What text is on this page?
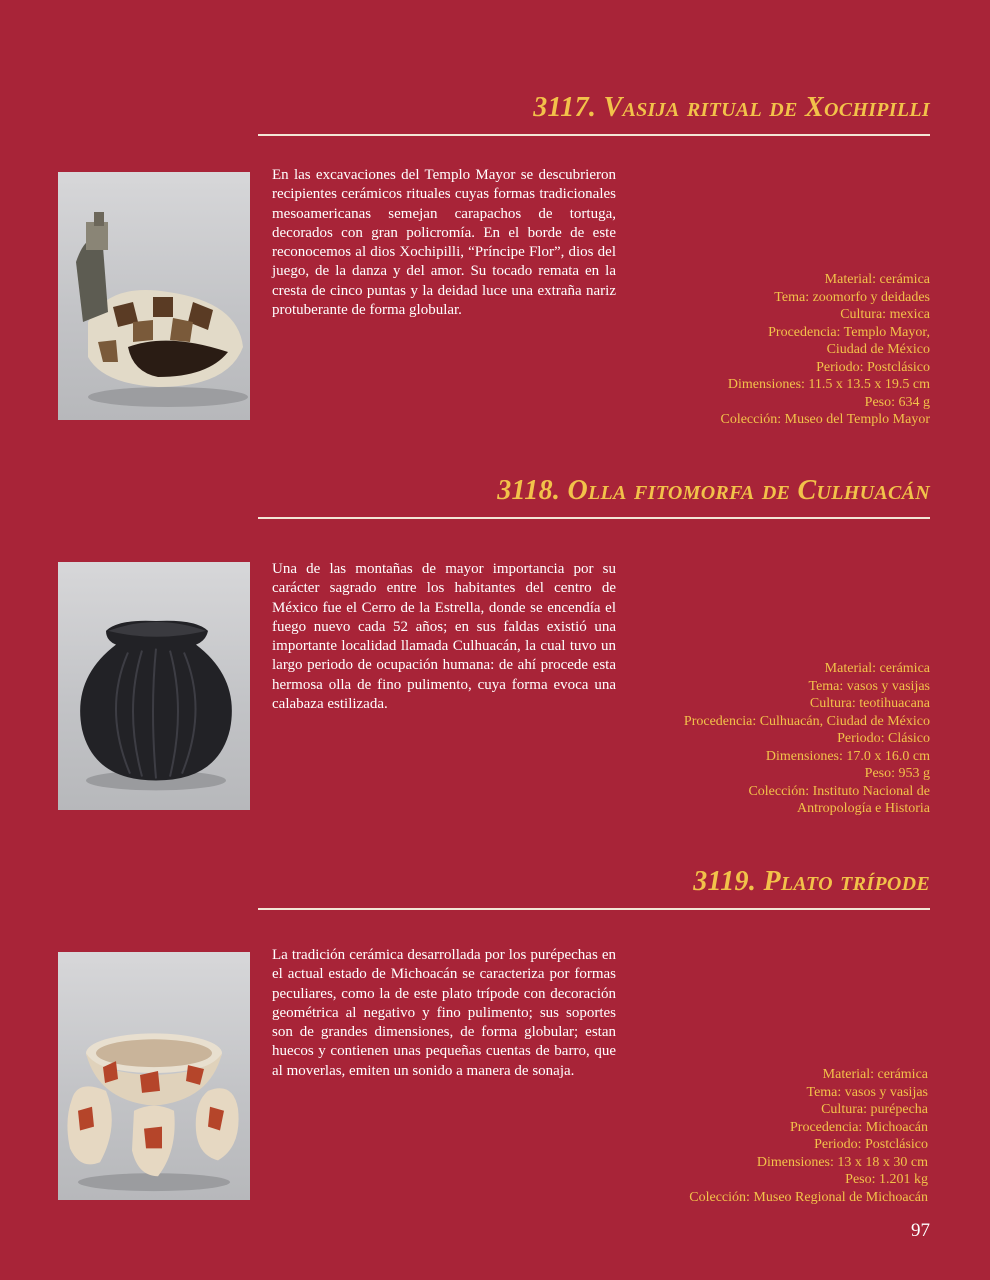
3117. Vasija ritual de Xochipilli

En las excavaciones del Templo Mayor se descubrieron recipientes cerámicos rituales cuyas formas tradicionales mesoamericanas semejan carapachos de tortuga, decorados con gran policromía. En el borde de este reconocemos al dios Xochipilli, “Príncipe Flor”, dios del juego, de la danza y del amor. Su tocado remata en la cresta de cinco puntas y la deidad luce una extraña nariz protuberante de forma globular.

Material: cerámica
Tema: zoomorfo y deidades
Cultura: mexica
Procedencia: Templo Mayor,
Ciudad de México
Periodo: Postclásico
Dimensiones: 11.5 x 13.5 x 19.5 cm
Peso: 634 g
Colección: Museo del Templo Mayor
3118. Olla fitomorfa de Culhuacán

Una de las montañas de mayor importancia por su carácter sagrado entre los habitantes del centro de México fue el Cerro de la Estrella, donde se encendía el fuego nuevo cada 52 años; en sus faldas existió una importante localidad llamada Culhuacán, la cual tuvo un largo periodo de ocupación humana: de ahí procede esta hermosa olla de fino pulimento, cuya forma evoca una calabaza estilizada.

Material: cerámica
Tema: vasos y vasijas
Cultura: teotihuacana
Procedencia: Culhuacán, Ciudad de México
Periodo: Clásico
Dimensiones: 17.0 x 16.0 cm
Peso: 953 g
Colección: Instituto Nacional de
Antropología e Historia
3119. Plato trípode

La tradición cerámica desarrollada por los purépechas en el actual estado de Michoacán se caracteriza por formas peculiares, como la de este plato trípode con decoración geométrica al negativo y fino pulimento; sus soportes son de grandes dimensiones, de forma globular; estan huecos y contienen unas pequeñas cuentas de barro, que al moverlas, emiten un sonido a manera de sonaja.	Material: cerámica
Tema: vasos y vasijas
Cultura: purépecha
Procedencia: Michoacán
Periodo: Postclásico
Dimensiones: 13 x 18 x 30 cm
Peso: 1.201 kg
Colección: Museo Regional de Michoacán
97
